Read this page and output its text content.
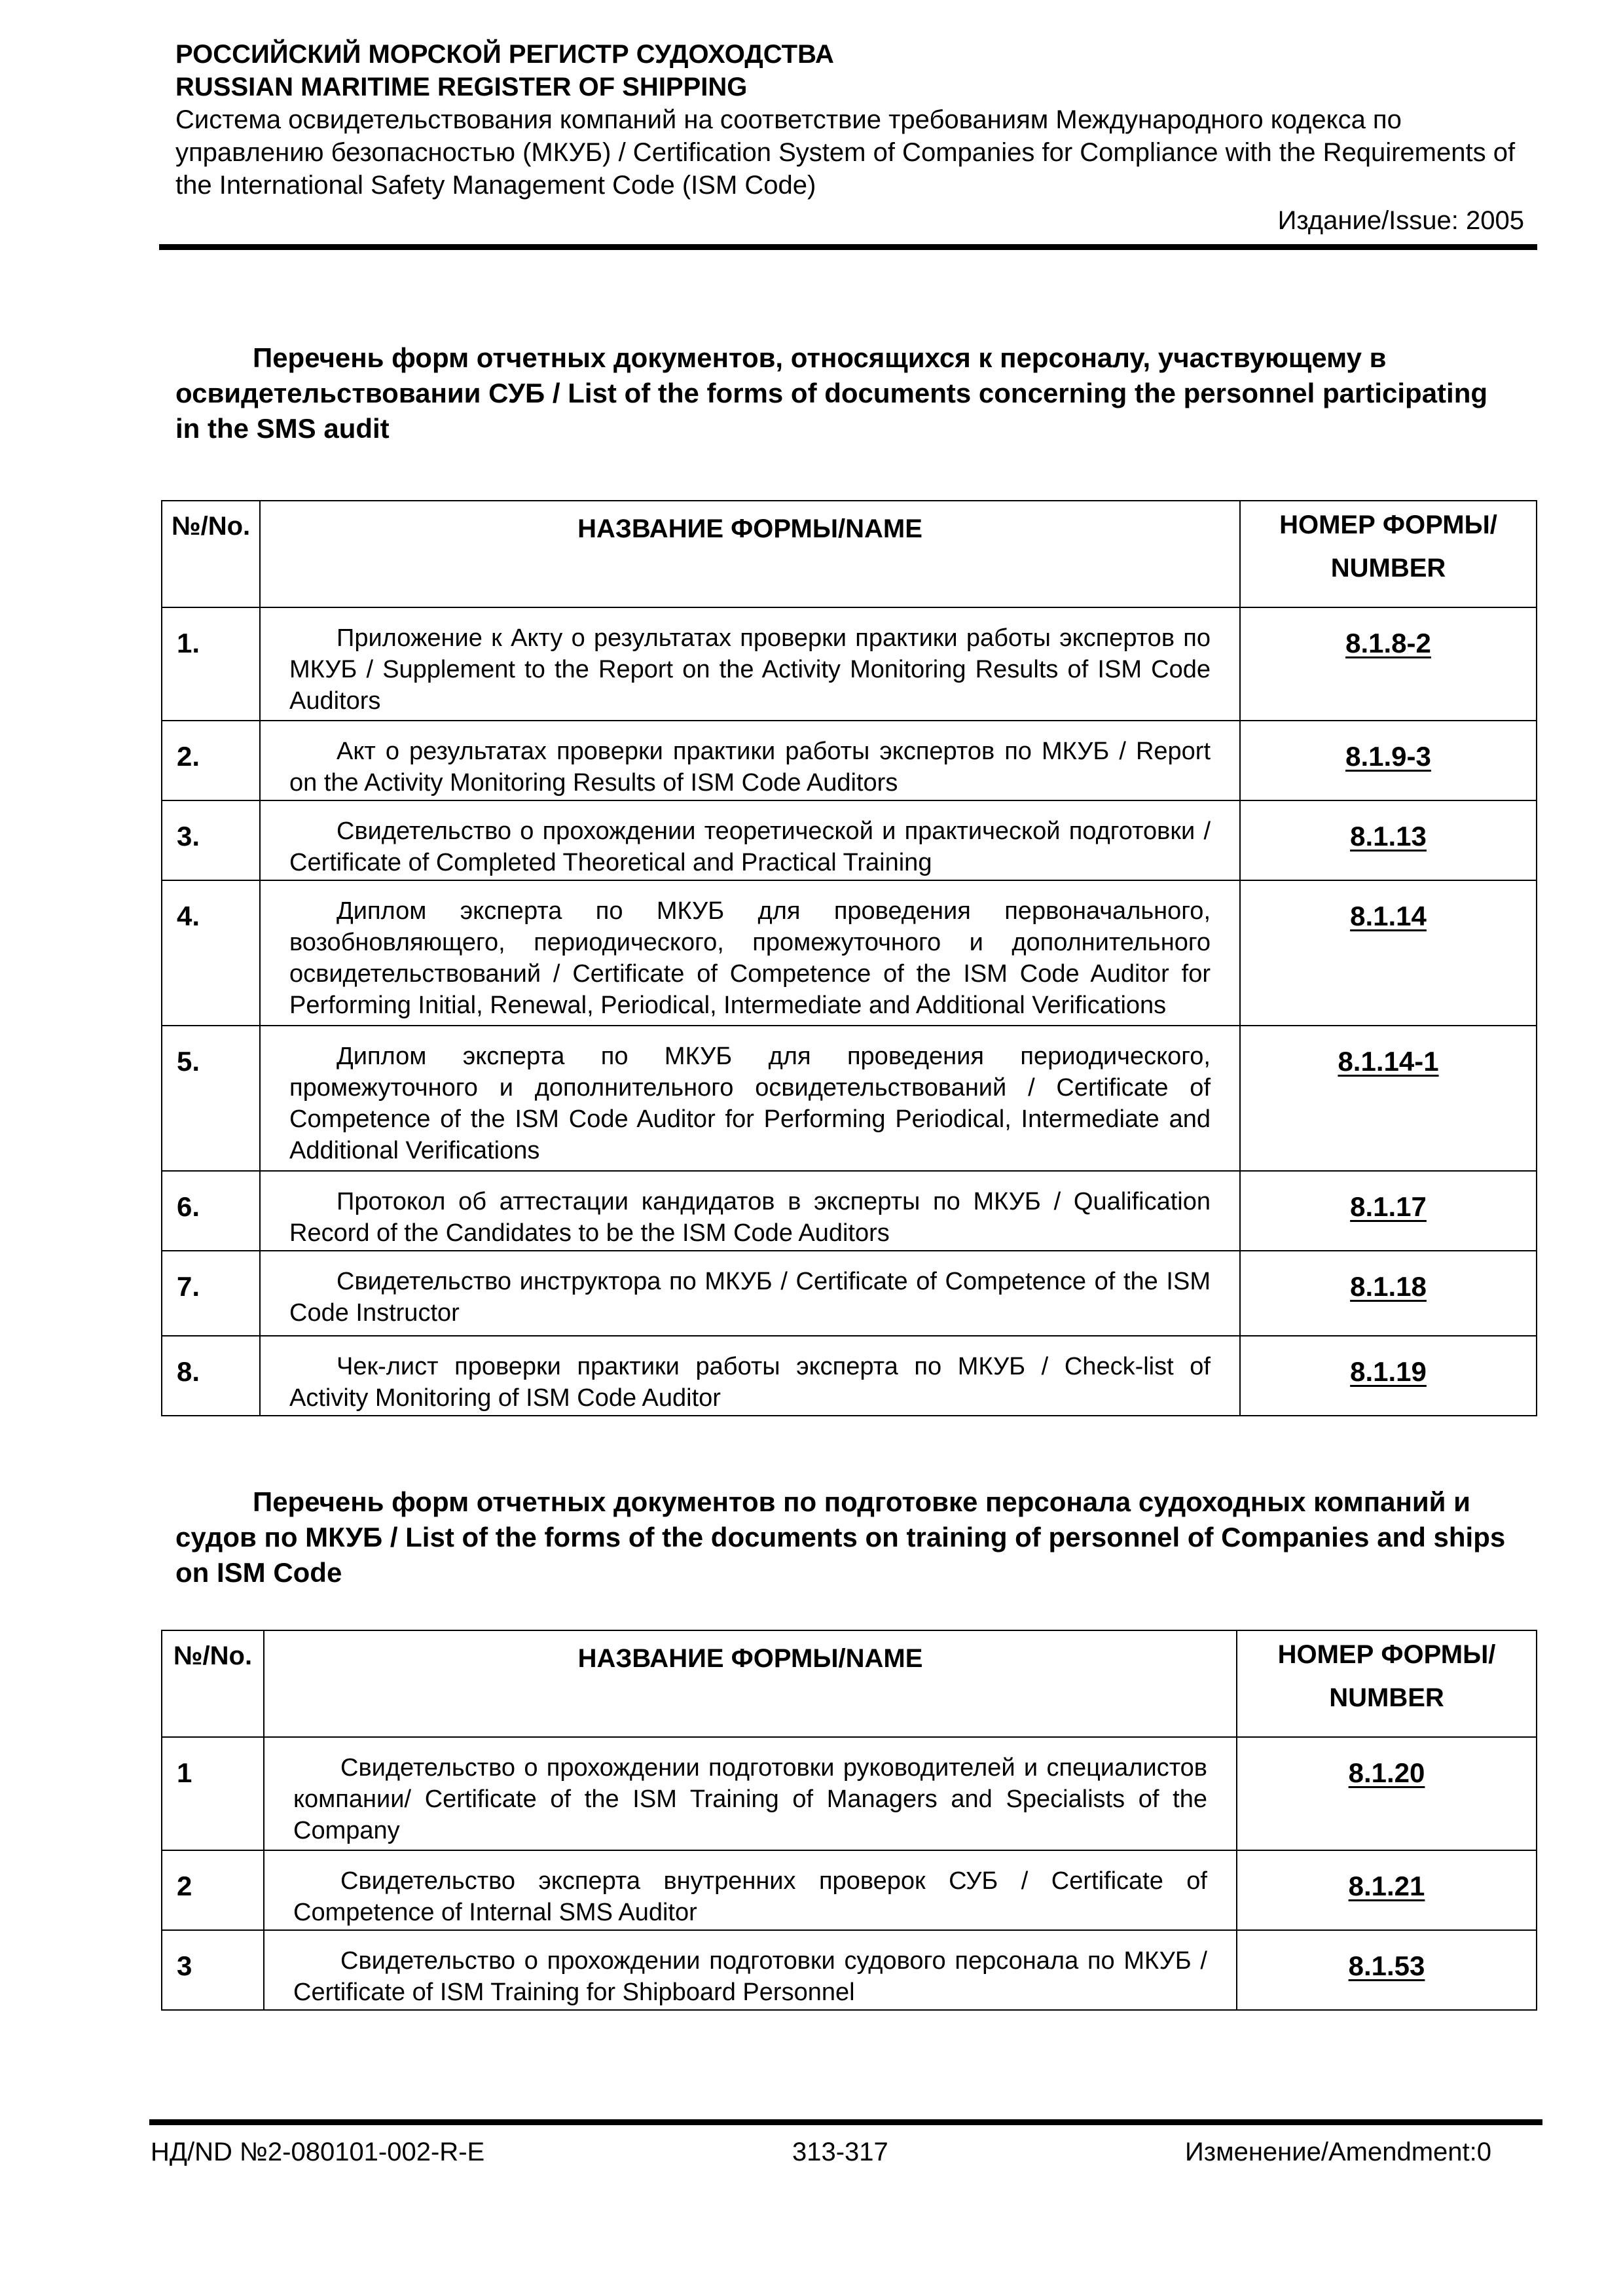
РОССИЙСКИЙ МОРСКОЙ РЕГИСТР СУДОХОДСТВА
RUSSIAN MARITIME REGISTER OF SHIPPING
Система освидетельствования компаний на соответствие требованиям Международного кодекса по управлению безопасностью (МКУБ) / Certification System of Companies for Compliance with the Requirements of the International Safety Management Code (ISM Code)
Издание/Issue: 2005
Перечень форм отчетных документов, относящихся к персоналу, участвующему в освидетельствовании СУБ / List of the forms of documents concerning the personnel participating in the SMS audit
№/No.	НАЗВАНИЕ ФОРМЫ/NAME	НОМЕР ФОРМЫ/
NUMBER

1.	Приложение к Акту о результатах проверки практики работы экспертов по МКУБ / Supplement to the Report on the Activity Monitoring Results of ISM Code Auditors	8.1.8-2
2.	Акт о результатах проверки практики работы экспертов по МКУБ / Report on the Activity Monitoring Results of ISM Code Auditors	8.1.9-3
3.	Свидетельство о прохождении теоретической и практической подготовки / Certificate of Completed Theoretical and Practical Training	8.1.13
4.	Диплом эксперта по МКУБ для проведения первоначального, возобновляющего, периодического, промежуточного и дополнительного освидетельствований / Certificate of Competence of the ISM Code Auditor for Performing Initial, Renewal, Periodical, Intermediate and Additional Verifications	8.1.14
5.	Диплом эксперта по МКУБ для проведения периодического, промежуточного и дополнительного освидетельствований / Certificate of Competence of the ISM Code Auditor for Performing Periodical, Intermediate and Additional Verifications	8.1.14-1
6.	Протокол об аттестации кандидатов в эксперты по МКУБ / Qualification Record of the Candidates to be the ISM Code Auditors	8.1.17
7.	Свидетельство инструктора по МКУБ / Certificate of Competence of the ISM Code Instructor	8.1.18
8.	Чек-лист проверки практики работы эксперта по МКУБ / Check-list of Activity Monitoring of ISM Code Auditor	8.1.19
Перечень форм отчетных документов по подготовке персонала судоходных компаний и судов по МКУБ / List of the forms of the documents on training of personnel of Companies and ships on ISM Code
№/No.	НАЗВАНИЕ ФОРМЫ/NAME	НОМЕР ФОРМЫ/
NUMBER

1	Свидетельство о прохождении подготовки руководителей и специалистов компании/ Certificate of the ISM Training of Managers and Specialists of the Company	8.1.20
2	Свидетельство эксперта внутренних проверок СУБ / Certificate of Competence of Internal SMS Auditor	8.1.21
3	Свидетельство о прохождении подготовки судового персонала по МКУБ / Certificate of ISM Training for Shipboard Personnel	8.1.53
НД/ND №2-080101-002-R-E	313-317	Изменение/Amendment:0
